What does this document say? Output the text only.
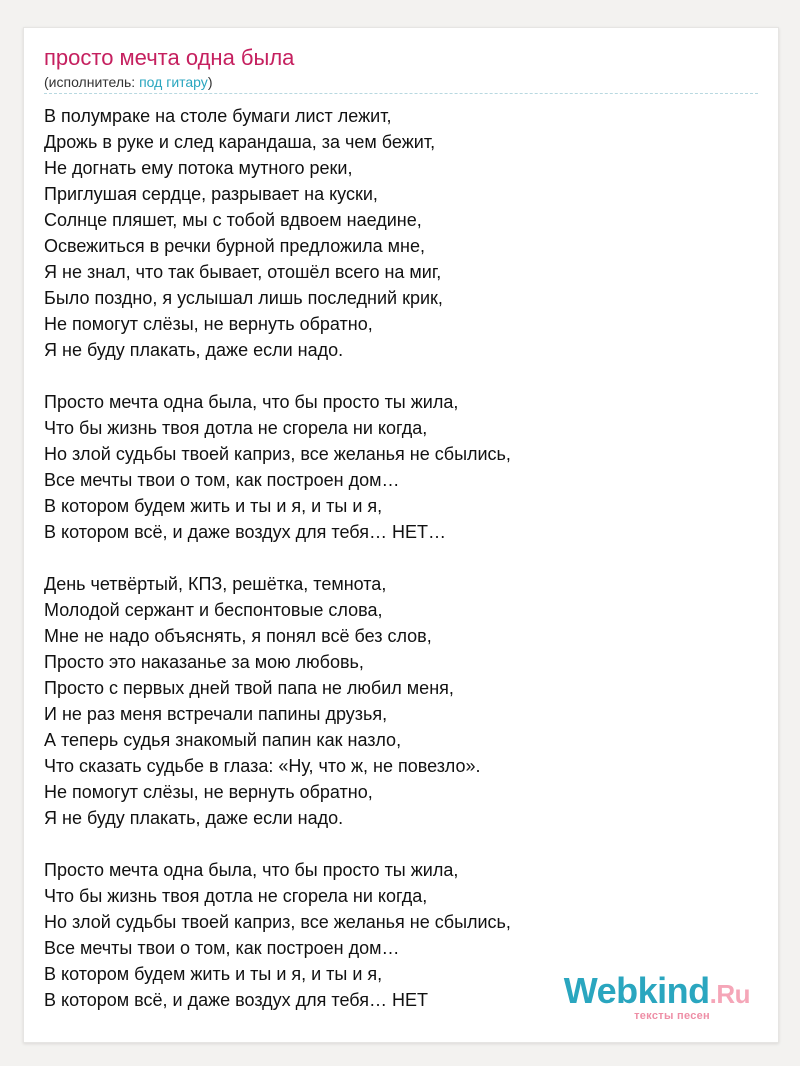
просто мечта одна была
(исполнитель: под гитару)
В полумраке на столе бумаги лист лежит,
Дрожь в руке и след карандаша, за чем бежит,
Не догнать ему потока мутного реки,
Приглушая сердце, разрывает на куски,
Солнце пляшет, мы с тобой вдвоем наедине,
Освежиться в речки бурной предложила мне,
Я не знал, что так бывает, отошёл всего на миг,
Было поздно, я услышал лишь последний крик,
Не помогут слёзы, не вернуть обратно,
Я не буду плакать, даже если надо.
Просто мечта одна была, что бы просто ты жила,
Что бы жизнь твоя дотла не сгорела ни когда,
Но злой судьбы твоей каприз, все желанья не сбылись,
Все мечты твои о том, как построен дом…
В котором будем жить и ты и я, и ты и я,
В котором всё, и даже воздух для тебя… НЕТ…
День четвёртый, КПЗ, решётка, темнота,
Молодой сержант и беспонтовые слова,
Мне не надо объяснять, я понял всё без слов,
Просто это наказанье за мою любовь,
Просто с первых дней твой папа не любил меня,
И не раз меня встречали папины друзья,
А теперь судья знакомый папин как назло,
Что сказать судьбе в глаза: «Ну, что ж, не повезло».
Не помогут слёзы, не вернуть обратно,
Я не буду плакать, даже если надо.
Просто мечта одна была, что бы просто ты жила,
Что бы жизнь твоя дотла не сгорела ни когда,
Но злой судьбы твоей каприз, все желанья не сбылись,
Все мечты твои о том, как построен дом…
В котором будем жить и ты и я, и ты и я,
В котором всё, и даже воздух для тебя… НЕТ	Webkind.Ru
тексты песен
